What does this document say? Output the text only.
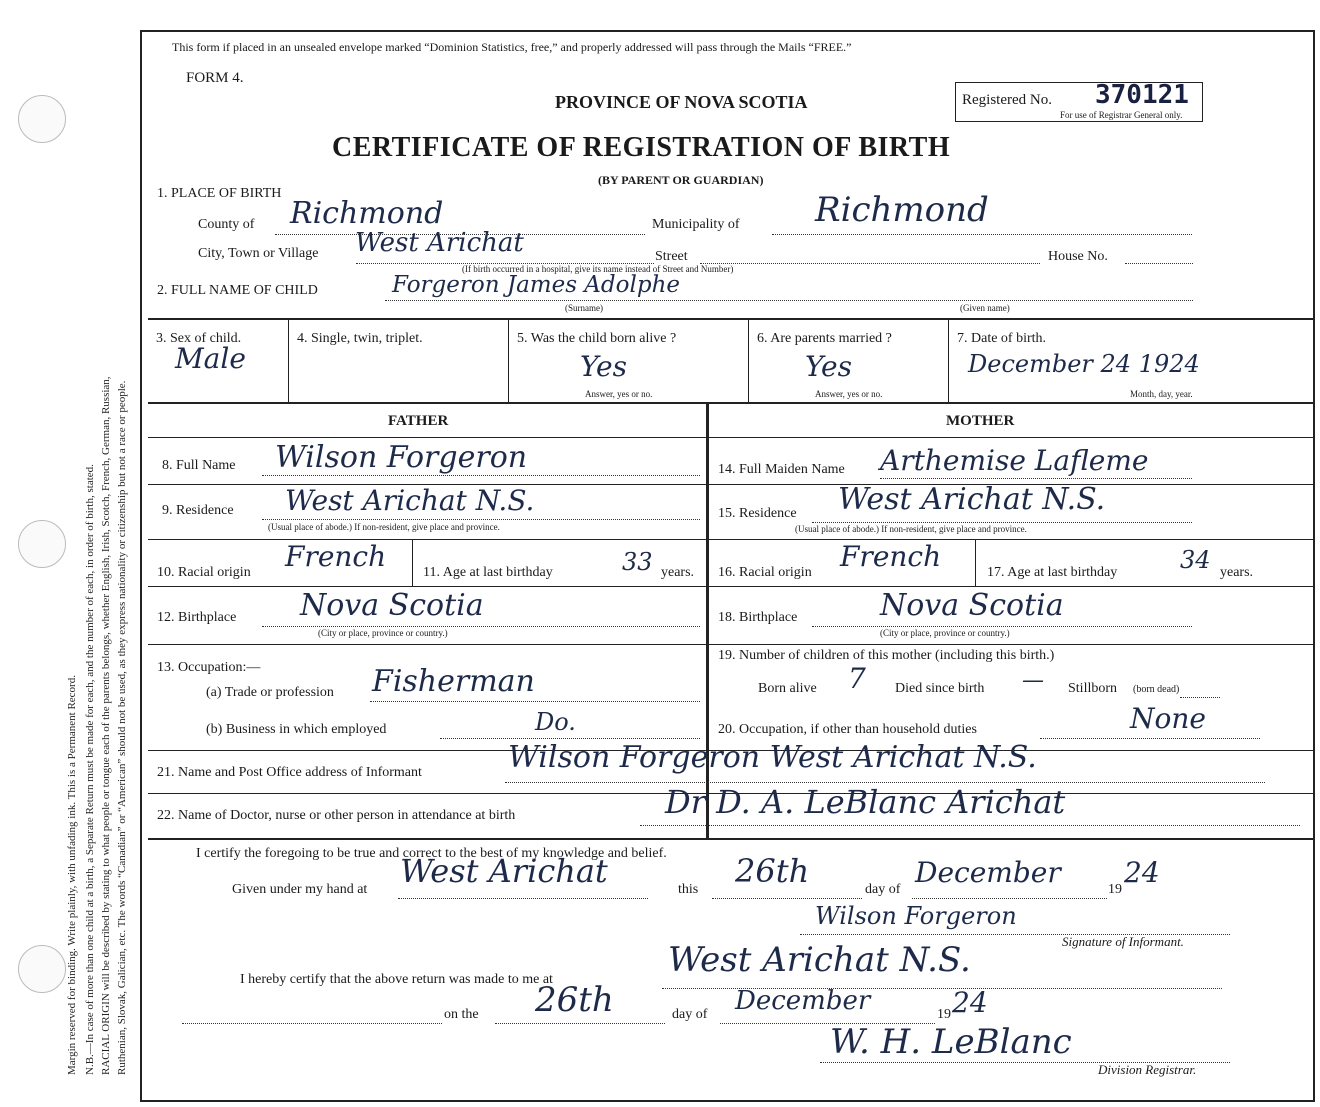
Margin reserved for binding. Write plainly, with unfading ink. This is a Permanent Record. N.B.—In case of more than one child at a birth, a Separate Return must be made for each, and the number of each, in order of birth, stated. RACIAL ORIGIN will be described by stating to what people or tongue each of the parents belongs, whether English, Irish, Scotch, French, German, Russian, Ruthenian, Slovak, Galician, etc. The words “Canadian” or “American” should not be used, as they express nationality or citizenship but not a race or people.
This form if placed in an unsealed envelope marked “Dominion Statistics, free,” and properly addressed will pass through the Mails “FREE.”
FORM 4.
PROVINCE OF NOVA SCOTIA	Registered No. 370121
For use of Registrar General only.
CERTIFICATE OF REGISTRATION OF BIRTH
(BY PARENT OR GUARDIAN)
1. PLACE OF BIRTH
County of Richmond	Municipality of Richmond
City, Town or Village West Arichat	Street	House No.
(If birth occurred in a hospital, give its name instead of Street and Number)
2. FULL NAME OF CHILD	Forgeron James Adolphe
(Surname)	(Given name)
3. Sex of child.
Male
4. Single, twin, triplet.	5. Was the child born alive ?
Yes
Answer, yes or no.
6. Are parents married ?
Yes
Answer, yes or no.
7. Date of birth.
December 24 1924
Month, day, year.
FATHER	MOTHER
8. Full Name Wilson Forgeron
9. Residence West Arichat N.S.
(Usual place of abode.) If non-resident, give place and province.
10. Racial origin French	11. Age at last birthday	33 years.
12. Birthplace Nova Scotia
(City or place, province or country.)
13. Occupation:—
(a) Trade or profession Fisherman
(b) Business in which employed	Do.
14. Full Maiden Name Arthemise Lafleme
15. Residence West Arichat N.S.
(Usual place of abode.) If non-resident, give place and province.
16. Racial origin French	17. Age at last birthday	34 years.
18. Birthplace	Nova Scotia
(City or place, province or country.)
19. Number of children of this mother (including this birth.)
Born alive 7 Died since birth — Stillborn (born dead)
20. Occupation, if other than household duties	None
21. Name and Post Office address of Informant	Wilson Forgeron West Arichat N.S.
22. Name of Doctor, nurse or other person in attendance at birth	Dr D. A. LeBlanc Arichat
I certify the foregoing to be true and correct to the best of my knowledge and belief.
Given under my hand at West Arichat	this 26th	day of
December
19
24
Wilson Forgeron
Signature of Informant.
I hereby certify that the above return was made to me at	West Arichat N.S.
on the 26th	day of December	19 24
W. H. LeBlanc
Division Registrar.
